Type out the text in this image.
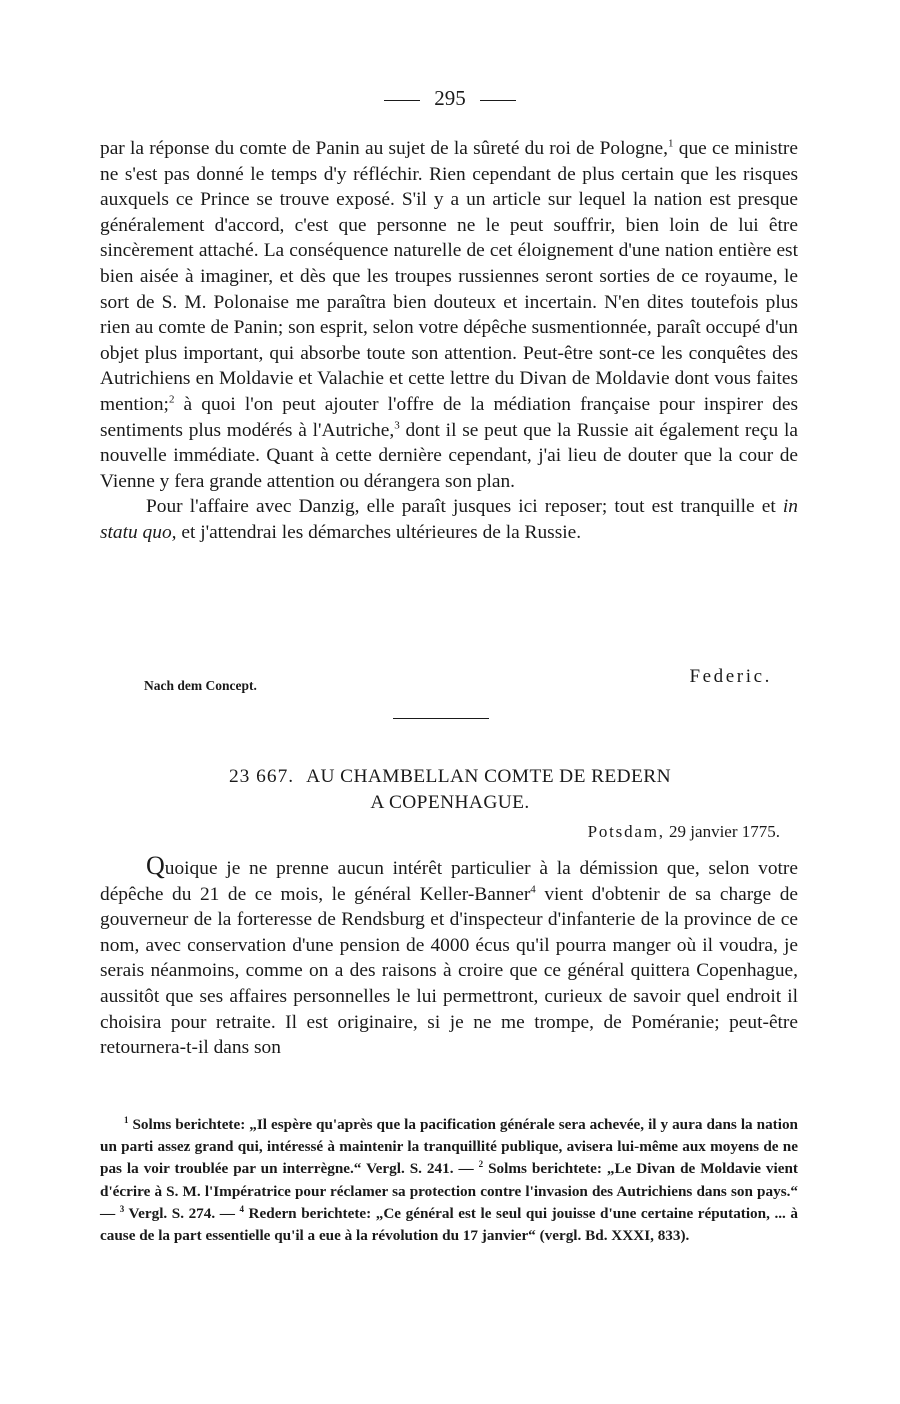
295

par la réponse du comte de Panin au sujet de la sûreté du roi de Pologne,$^1$ que ce ministre ne s'est pas donné le temps d'y réfléchir. Rien cependant de plus certain que les risques auxquels ce Prince se trouve exposé. S'il y a un article sur lequel la nation est presque généralement d'accord, c'est que personne ne le peut souffrir, bien loin de lui être sincèrement attaché. La conséquence naturelle de cet éloignement d'une nation entière est bien aisée à imaginer, et dès que les troupes russiennes seront sorties de ce royaume, le sort de S. M. Polonaise me paraîtra bien douteux et incertain. N'en dites toutefois plus rien au comte de Panin; son esprit, selon votre dépêche susmentionnée, paraît occupé d'un objet plus important, qui absorbe toute son attention. Peut-être sont-ce les conquêtes des Autrichiens en Moldavie et Valachie et cette lettre du Divan de Moldavie dont vous faites mention;$^2$ à quoi l'on peut ajouter l'offre de la médiation française pour inspirer des sentiments plus modérés à l'Autriche,$^3$ dont il se peut que la Russie ait également reçu la nouvelle immédiate. Quant à cette dernière cependant, j'ai lieu de douter que la cour de Vienne y fera grande attention ou dérangera son plan.

Pour l'affaire avec Danzig, elle paraît jusques ici reposer; tout est tranquille et in statu quo, et j'attendrai les démarches ultérieures de la Russie.

Federic.
Nach dem Concept.
23 667. AU CHAMBELLAN COMTE DE REDERN
A COPENHAGUE.
Potsdam, 29 janvier 1775.

Quoique je ne prenne aucun intérêt particulier à la démission que, selon votre dépêche du 21 de ce mois, le général Keller-Banner$^4$ vient d'obtenir de sa charge de gouverneur de la forteresse de Rendsburg et d'inspecteur d'infanterie de la province de ce nom, avec conservation d'une pension de 4000 écus qu'il pourra manger où il voudra, je serais néanmoins, comme on a des raisons à croire que ce général quittera Copenhague, aussitôt que ses affaires personnelles le lui permettront, curieux de savoir quel endroit il choisira pour retraite. Il est originaire, si je ne me trompe, de Poméranie; peut-être retournera-t-il dans son

$^1$ Solms berichtete: „Il espère qu'après que la pacification générale sera achevée, il y aura dans la nation un parti assez grand qui, intéressé à maintenir la tranquillité publique, avisera lui-même aux moyens de ne pas la voir troublée par un interrègne.“ Vergl. S. 241. — $^2$ Solms berichtete: „Le Divan de Moldavie vient d'écrire à S. M. l'Impératrice pour réclamer sa protection contre l'invasion des Autrichiens dans son pays.“ — $^3$ Vergl. S. 274. — $^4$ Redern berichtete: „Ce général est le seul qui jouisse d'une certaine réputation, ... à cause de la part essentielle qu'il a eue à la révolution du 17 janvier“ (vergl. Bd. XXXI, 833).
